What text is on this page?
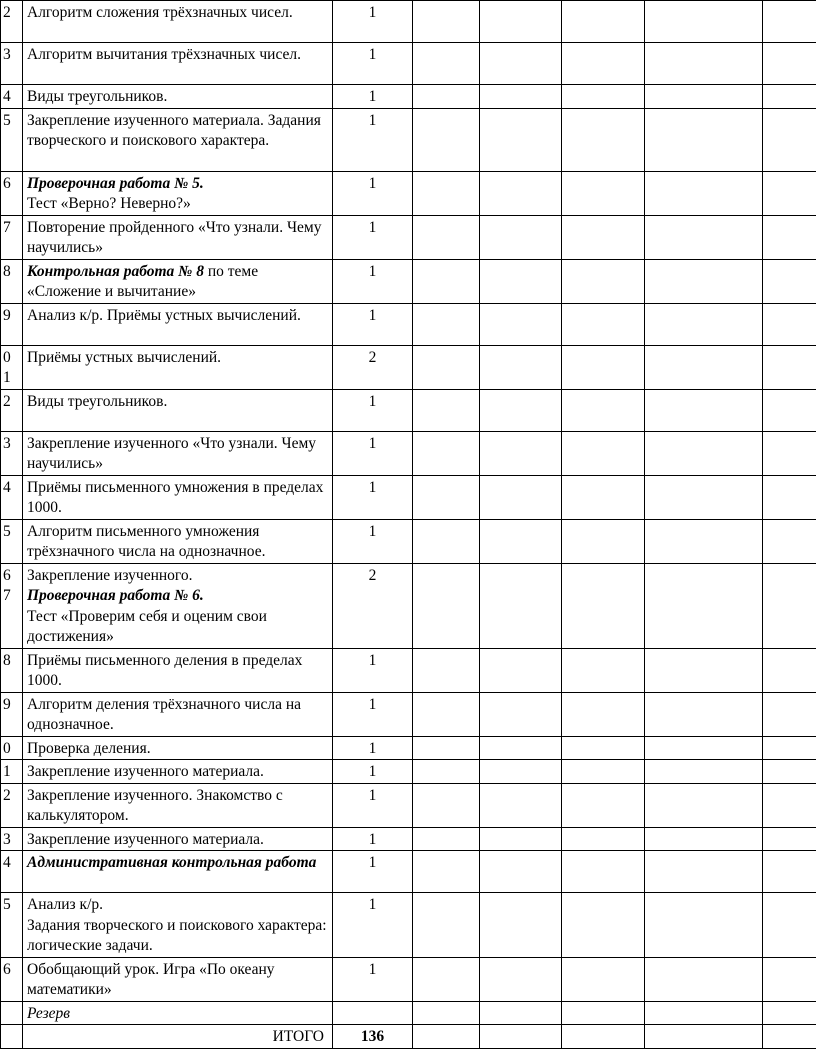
2	Алгоритм сложения трёхзначных чисел.	1					

3	Алгоритм вычитания трёхзначных чисел.	1					

4	Виды треугольников.	1					

5	Закрепление изученного материала. Задания творческого и поискового характера.	1					

6	Проверочная работа № 5.
Тест «Верно? Неверно?»	1					

7	Повторение пройденного «Что узнали. Чему научились»	1					

8	Контрольная работа № 8 по теме «Сложение и вычитание»	1					

9	Анализ к/р. Приёмы устных вычислений.	1					

0
1	Приёмы устных вычислений.	2					

2	Виды треугольников.	1					

3	Закрепление изученного «Что узнали. Чему научились»	1					

4	Приёмы письменного умножения в пределах 1000.	1					

5	Алгоритм письменного умножения трёхзначного числа на однозначное.	1					

6
7	Закрепление изученного.
Проверочная работа № 6.
Тест «Проверим себя и оценим свои достижения»	2					

8	Приёмы письменного деления в пределах 1000.	1					

9	Алгоритм деления трёхзначного числа на однозначное.	1					

0	Проверка деления.	1					

1	Закрепление изученного материала.	1					

2	Закрепление изученного. Знакомство с калькулятором.	1					

3	Закрепление изученного материала.	1					

4	Административная контрольная работа	1					

5	Анализ к/р.
Задания творческого и поискового характера: логические задачи.	1					

6	Обобщающий урок. Игра «По океану математики»	1					

	Резерв						
	ИТОГО	136					
